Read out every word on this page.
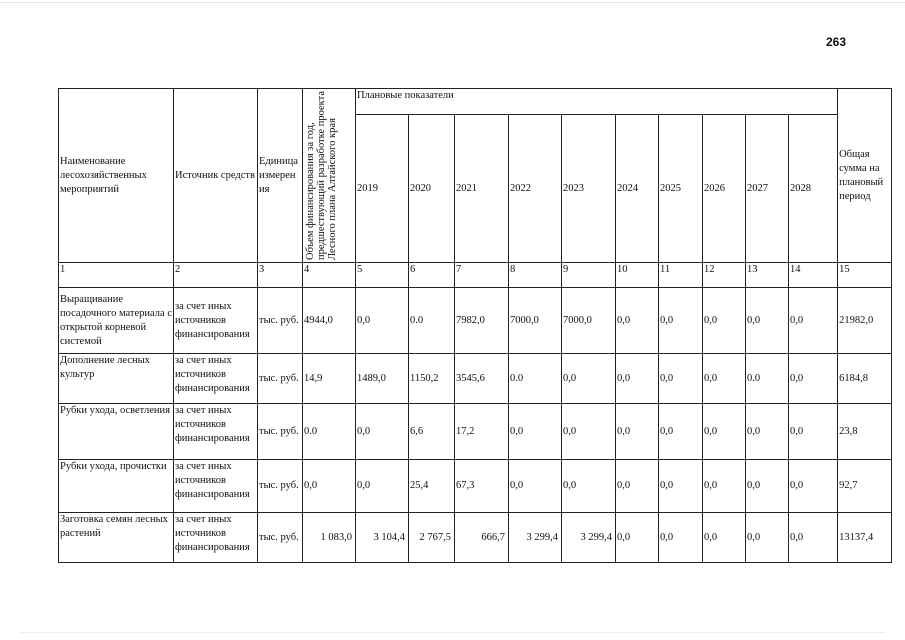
263
Наименование лесохозяйственных мероприятий	Источник средств	Единица измерен ия	Объем финансирования за год, предшествующий разработке проекта Лесного плана Алтайского края	Плановые показатели										Общая сумма на плановый период
				2019	2020	2021	2022	2023	2024	2025	2026	2027	2028	
1	2	3	4	5	6	7	8	9	10	11	12	13	14	15
Выращивание посадочного материала с открытой корневой системой	за счет иных источников финансирования	тыс. руб.	4944,0	0,0	0.0	7982,0	7000,0	7000,0	0,0	0,0	0,0	0,0	0,0	21982,0
Дополнение лесных культур	за счет иных источников финансирования	тыс. руб.	14,9	1489,0	1150,2	3545,6	0.0	0,0	0,0	0,0	0,0	0.0	0,0	6184,8
Рубки ухода, осветления	за счет иных источников финансирования	тыс. руб.	0.0	0,0	6,6	17,2	0,0	0,0	0,0	0,0	0,0	0,0	0,0	23,8
Рубки ухода, прочистки	за счет иных источников финансирования	тыс. руб.	0,0	0,0	25,4	67,3	0,0	0,0	0,0	0,0	0,0	0,0	0,0	92,7
Заготовка семян лесных растений	за счет иных источников финансирования	тыс. руб.	1 083,0	3 104,4	2 767,5	666,7	3 299,4	3 299,4	0,0	0,0	0,0	0,0	0,0	13137,4
